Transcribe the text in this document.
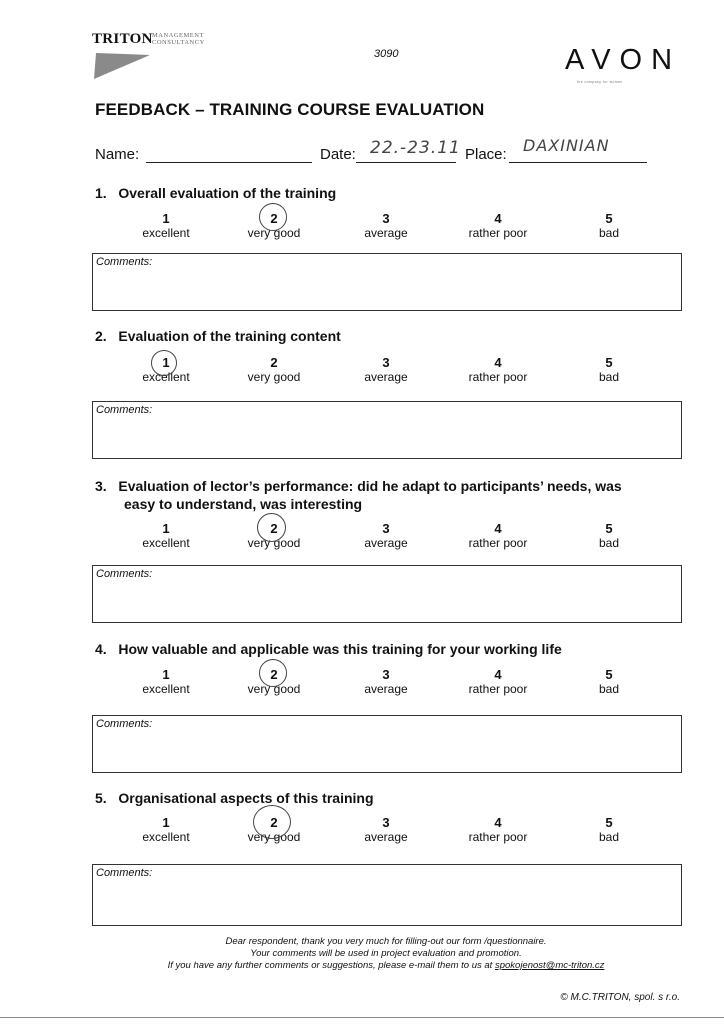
TRITON MANAGEMENT
CONSULTANCY
3090	AVON
the company for women
FEEDBACK – TRAINING COURSE EVALUATION
Name:	Date: 22.-23.11 Place: DAXINIAN
1. Overall evaluation of the training
1
excellent
2
very good
3
average
4
rather poor
5
bad
Comments:
2. Evaluation of the training content
1
excellent
2
very good
3
average
4
rather poor
5
bad
Comments:
3. Evaluation of lector’s performance: did he adapt to participants’ needs, was
easy to understand, was interesting
1
excellent
2
very good
3
average
4
rather poor
5
bad
Comments:
4. How valuable and applicable was this training for your working life
1
excellent
2
very good
3
average
4
rather poor
5
bad
Comments:
5. Organisational aspects of this training
1
excellent
2
very good
3
average
4
rather poor
5
bad
Comments:
Dear respondent, thank you very much for filling-out our form /questionnaire.
Your comments will be used in project evaluation and promotion.
If you have any further comments or suggestions, please e-mail them to us at spokojenost@mc-triton.cz
© M.C.TRITON, spol. s r.o.
